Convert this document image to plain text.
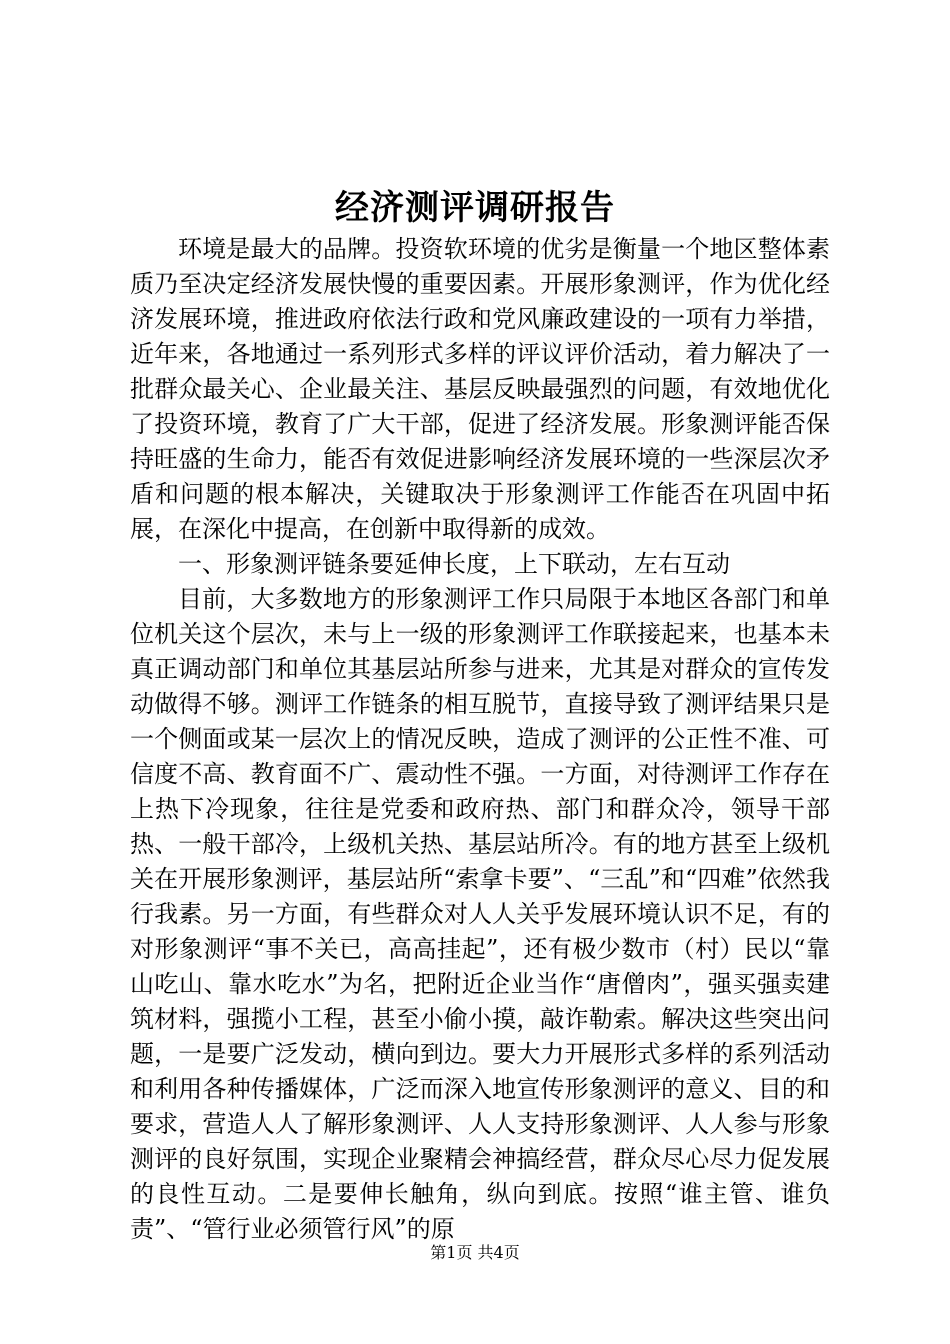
经济测评调研报告

环境是最大的品牌。投资软环境的优劣是衡量一个地区整体素质乃至决定经济发展快慢的重要因素。开展形象测评，作为优化经济发展环境，推进政府依法行政和党风廉政建设的一项有力举措，近年来，各地通过一系列形式多样的评议评价活动，着力解决了一批群众最关心、企业最关注、基层反映最强烈的问题，有效地优化了投资环境，教育了广大干部，促进了经济发展。形象测评能否保持旺盛的生命力，能否有效促进影响经济发展环境的一些深层次矛盾和问题的根本解决，关键取决于形象测评工作能否在巩固中拓展，在深化中提高，在创新中取得新的成效。

一、形象测评链条要延伸长度，上下联动，左右互动

目前，大多数地方的形象测评工作只局限于本地区各部门和单位机关这个层次，未与上一级的形象测评工作联接起来，也基本未真正调动部门和单位其基层站所参与进来，尤其是对群众的宣传发动做得不够。测评工作链条的相互脱节，直接导致了测评结果只是一个侧面或某一层次上的情况反映，造成了测评的公正性不准、可信度不高、教育面不广、震动性不强。一方面，对待测评工作存在上热下冷现象，往往是党委和政府热、部门和群众冷，领导干部热、一般干部冷，上级机关热、基层站所冷。有的地方甚至上级机关在开展形象测评，基层站所“索拿卡要”、“三乱”和“四难”依然我行我素。另一方面，有些群众对人人关乎发展环境认识不足，有的对形象测评“事不关已，高高挂起”，还有极少数市（村）民以“靠山吃山、靠水吃水”为名，把附近企业当作“唐僧肉”，强买强卖建筑材料，强揽小工程，甚至小偷小摸，敲诈勒索。解决这些突出问题，一是要广泛发动，横向到边。要大力开展形式多样的系列活动和利用各种传播媒体，广泛而深入地宣传形象测评的意义、目的和要求，营造人人了解形象测评、人人支持形象测评、人人参与形象测评的良好氛围，实现企业聚精会神搞经营，群众尽心尽力促发展的良性互动。二是要伸长触角，纵向到底。按照“谁主管、谁负责”、“管行业必须管行风”的原

第1页 共4页
